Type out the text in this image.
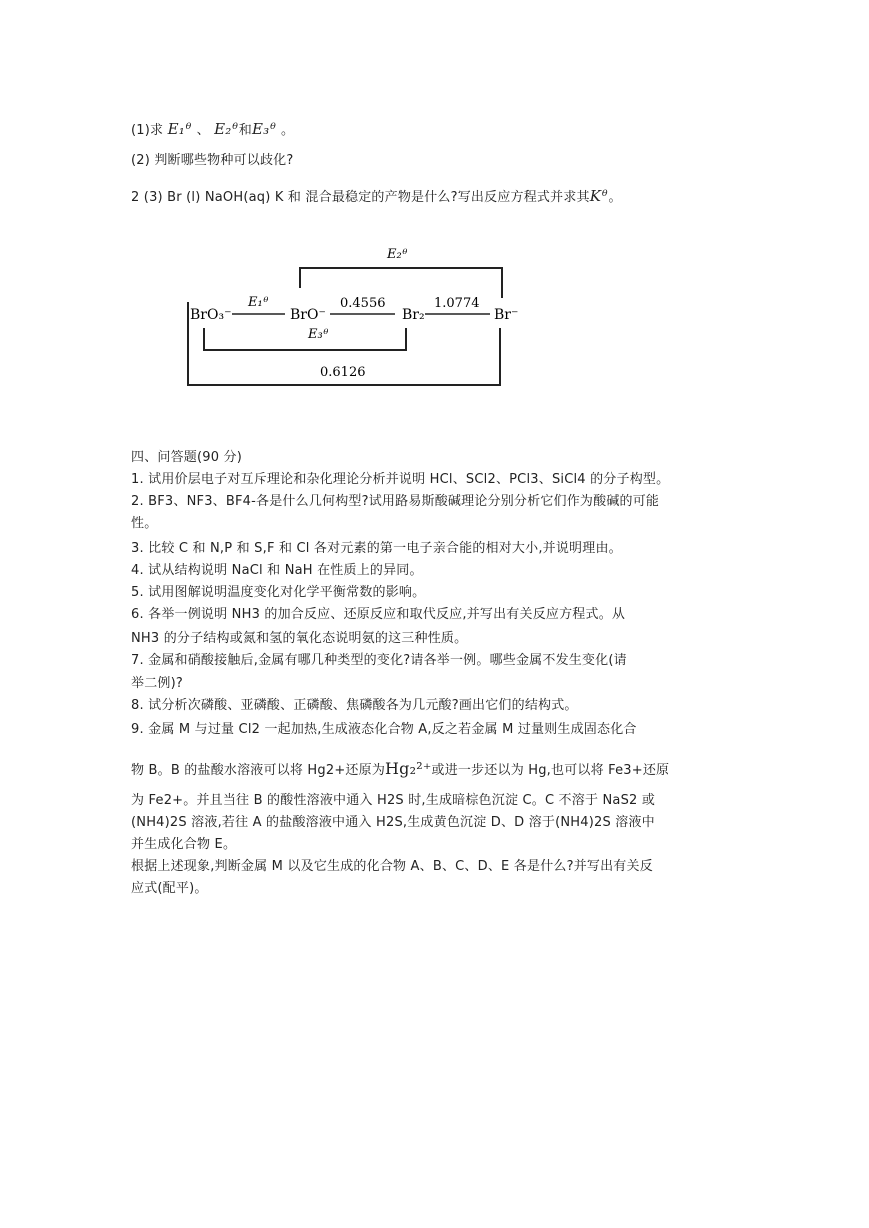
(1)求 E₁ᶿ 、 E₂ᶿ和E₃ᶿ 。
(2) 判断哪些物种可以歧化?
2 (3) Br (l) NaOH(aq) K 和 混合最稳定的产物是什么?写出反应方程式并求其Kᶿ。
BrO₃⁻	BrO⁻	Br₂	Br⁻
E₁ᶿ
E₂ᶿ
E₃ᶿ
0.4556	1.0774
0.6126
四、问答题(90 分)
1. 试用价层电子对互斥理论和杂化理论分析并说明 HCl、SCl2、PCl3、SiCl4 的分子构型。
2. BF3、NF3、BF4-各是什么几何构型?试用路易斯酸碱理论分别分析它们作为酸碱的可能
性。
3. 比较 C 和 N,P 和 S,F 和 Cl 各对元素的第一电子亲合能的相对大小,并说明理由。
4. 试从结构说明 NaCl 和 NaH 在性质上的异同。
5. 试用图解说明温度变化对化学平衡常数的影响。
6. 各举一例说明 NH3 的加合反应、还原反应和取代反应,并写出有关反应方程式。从
NH3 的分子结构或氮和氢的氧化态说明氨的这三种性质。
7. 金属和硝酸接触后,金属有哪几种类型的变化?请各举一例。哪些金属不发生变化(请
举二例)?
8. 试分析次磷酸、亚磷酸、正磷酸、焦磷酸各为几元酸?画出它们的结构式。
9. 金属 M 与过量 Cl2 一起加热,生成液态化合物 A,反之若金属 M 过量则生成固态化合
物 B。B 的盐酸水溶液可以将 Hg2+还原为Hg₂²⁺或进一步还以为 Hg,也可以将 Fe3+还原
为 Fe2+。并且当往 B 的酸性溶液中通入 H2S 时,生成暗棕色沉淀 C。C 不溶于 NaS2 或
(NH4)2S 溶液,若往 A 的盐酸溶液中通入 H2S,生成黄色沉淀 D、D 溶于(NH4)2S 溶液中
并生成化合物 E。
根据上述现象,判断金属 M 以及它生成的化合物 A、B、C、D、E 各是什么?并写出有关反
应式(配平)。
